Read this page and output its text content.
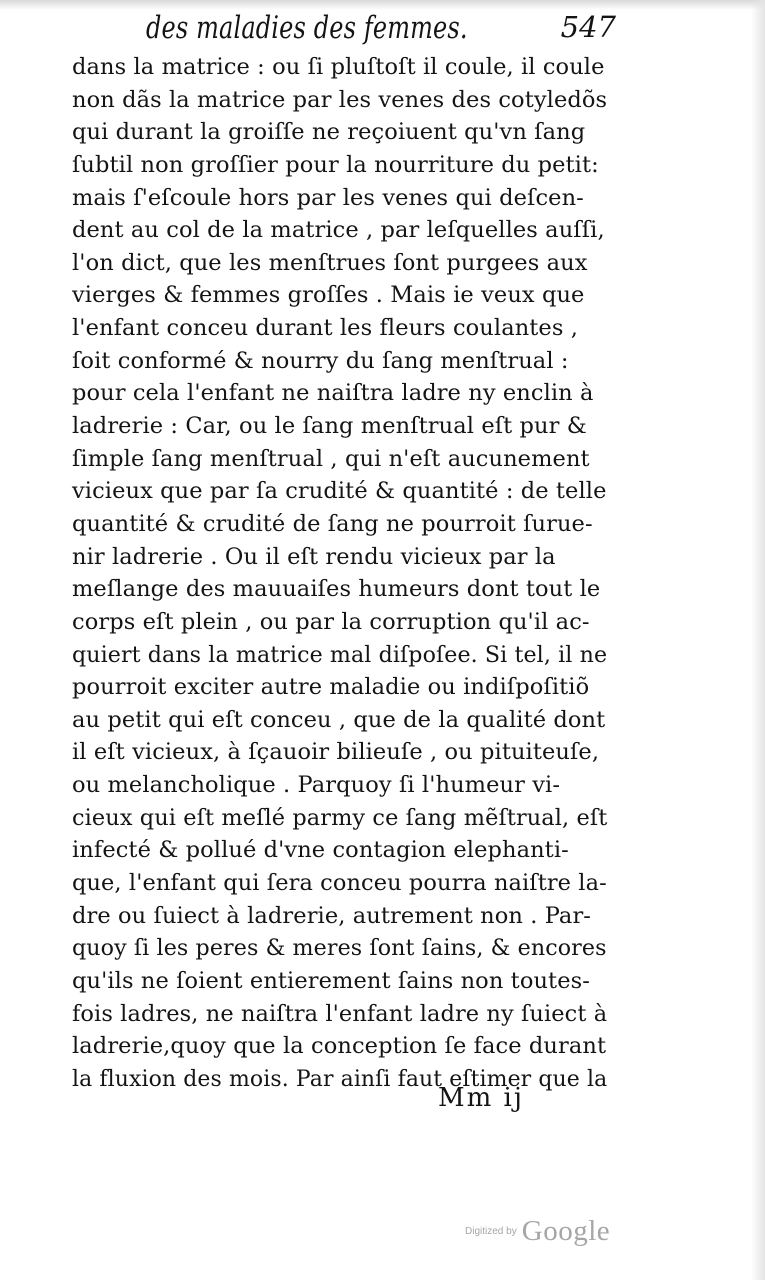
des maladies des femmes.	547
dans la matrice : ou ſi pluſtoſt il coule, il coule
non dãs la matrice par les venes des cotyledõs
qui durant la groiſſe ne reçoiuent qu'vn ſang
ſubtil non groſſier pour la nourriture du petit:
mais ſ'eſcoule hors par les venes qui deſcen-
dent au col de la matrice , par leſquelles auſſi,
l'on dict, que les menſtrues ſont purgees aux
vierges & femmes groſſes . Mais ie veux que
l'enfant conceu durant les fleurs coulantes ,
ſoit conformé & nourry du ſang menſtrual :
pour cela l'enfant ne naiſtra ladre ny enclin à
ladrerie : Car, ou le ſang menſtrual eſt pur &
ſimple ſang menſtrual , qui n'eſt aucunement
vicieux que par ſa crudité & quantité : de telle
quantité & crudité de ſang ne pourroit ſuruе-
nir ladrerie . Ou il eſt rendu vicieux par la
meſlange des mauuaiſes humeurs dont tout le
corps eſt plein , ou par la corruption qu'il ac-
quiert dans la matrice mal diſpoſee. Si tel, il ne
pourroit exciter autre maladie ou indiſpoſitiõ
au petit qui eſt conceu , que de la qualité dont
il eſt vicieux, à ſçauoir bilieuſe , ou pituiteuſe,
ou melancholique . Parquoy ſi l'humeur vi-
cieux qui eſt meſlé parmy ce ſang mẽſtrual, eſt
infecté & pollué d'vne contagion elephanti-
que, l'enfant qui ſera conceu pourra naiſtre la-
dre ou ſuiect à ladrerie, autrement non . Par-
quoy ſi les peres & meres ſont ſains, & encores
qu'ils ne ſoient entierement ſains non toutes-
fois ladres, ne naiſtra l'enfant ladre ny ſuiect à
ladrerie,quoy que la conception ſe face durant
la fluxion des mois. Par ainſi faut eſtimer que la
Mm ij
Digitized by Google
